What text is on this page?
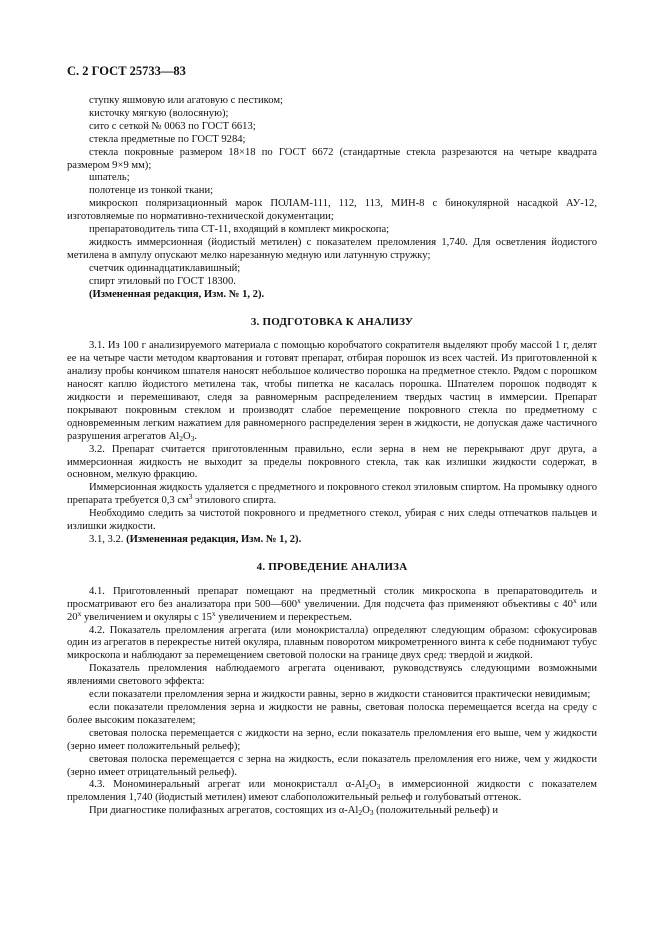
С. 2 ГОСТ 25733—83

ступку яшмовую или агатовую с пестиком;

кисточку мягкую (волосяную);

сито с сеткой № 0063 по ГОСТ 6613;

стекла предметные по ГОСТ 9284;

стекла покровные размером 18×18 по ГОСТ 6672 (стандартные стекла разрезаются на четыре квадрата размером 9×9 мм);

шпатель;

полотенце из тонкой ткани;

микроскоп поляризационный марок ПОЛАМ-111, 112, 113, МИН-8 с бинокулярной насадкой АУ-12, изготовляемые по нормативно-технической документации;

препаратоводитель типа СТ-11, входящий в комплект микроскопа;

жидкость иммерсионная (йодистый метилен) с показателем преломления 1,740. Для осветления йодистого метилена в ампулу опускают мелко нарезанную медную или латунную стружку;

счетчик одиннадцатиклавишный;

спирт этиловый по ГОСТ 18300.

(Измененная редакция, Изм. № 1, 2).

3. ПОДГОТОВКА К АНАЛИЗУ

3.1. Из 100 г анализируемого материала с помощью коробчатого сократителя выделяют пробу массой 1 г, делят ее на четыре части методом квартования и готовят препарат, отбирая порошок из всех частей. Из приготовленной к анализу пробы кончиком шпателя наносят небольшое количество порошка на предметное стекло. Рядом с порошком наносят каплю йодистого метилена так, чтобы пипетка не касалась порошка. Шпателем порошок подводят к жидкости и перемешивают, следя за равномерным распределением твердых частиц в иммерсии. Препарат покрывают покровным стеклом и производят слабое перемещение покровного стекла по предметному с одновременным легким нажатием для равномерного распределения зерен в жидкости, не допуская даже частичного разрушения агрегатов $Al_2O_3$.

3.2. Препарат считается приготовленным правильно, если зерна в нем не перекрывают друг друга, а иммерсионная жидкость не выходит за пределы покровного стекла, так как излишки жидкости содержат, в основном, мелкую фракцию.

Иммерсионная жидкость удаляется с предметного и покровного стекол этиловым спиртом. На промывку одного препарата требуется 0,3 $см^3$ этилового спирта.

Необходимо следить за чистотой покровного и предметного стекол, убирая с них следы отпечатков пальцев и излишки жидкости.

3.1, 3.2. (Измененная редакция, Изм. № 1, 2).

4. ПРОВЕДЕНИЕ АНАЛИЗА

4.1. Приготовленный препарат помещают на предметный столик микроскопа в препаратоводитель и просматривают его без анализатора при 500—600$^x$ увеличении. Для подсчета фаз применяют объективы с 40$^x$ или 20$^x$ увеличением и окуляры с 15$^x$ увеличением и перекрестьем.

4.2. Показатель преломления агрегата (или монокристалла) определяют следующим образом: сфокусировав один из агрегатов в перекрестье нитей окуляра, плавным поворотом микрометренного винта к себе поднимают тубус микроскопа и наблюдают за перемещением световой полоски на границе двух сред: твердой и жидкой.

Показатель преломления наблюдаемого агрегата оценивают, руководствуясь следующими возможными явлениями светового эффекта:

если показатели преломления зерна и жидкости равны, зерно в жидкости становится практически невидимым;

если показатели преломления зерна и жидкости не равны, световая полоска перемещается всегда на среду с более высоким показателем;

световая полоска перемещается с жидкости на зерно, если показатель преломления его выше, чем у жидкости (зерно имеет положительный рельеф);

световая полоска перемещается с зерна на жидкость, если показатель преломления его ниже, чем у жидкости (зерно имеет отрицательный рельеф).

4.3. Мономинеральный агрегат или монокристалл $\alpha-Al_2O_3$ в иммерсионной жидкости с показателем преломления 1,740 (йодистый метилен) имеют слабоположительный рельеф и голубоватый оттенок.

При диагностике полифазных агрегатов, состоящих из $\alpha-Al_2O_3$ (положительный рельеф) и
